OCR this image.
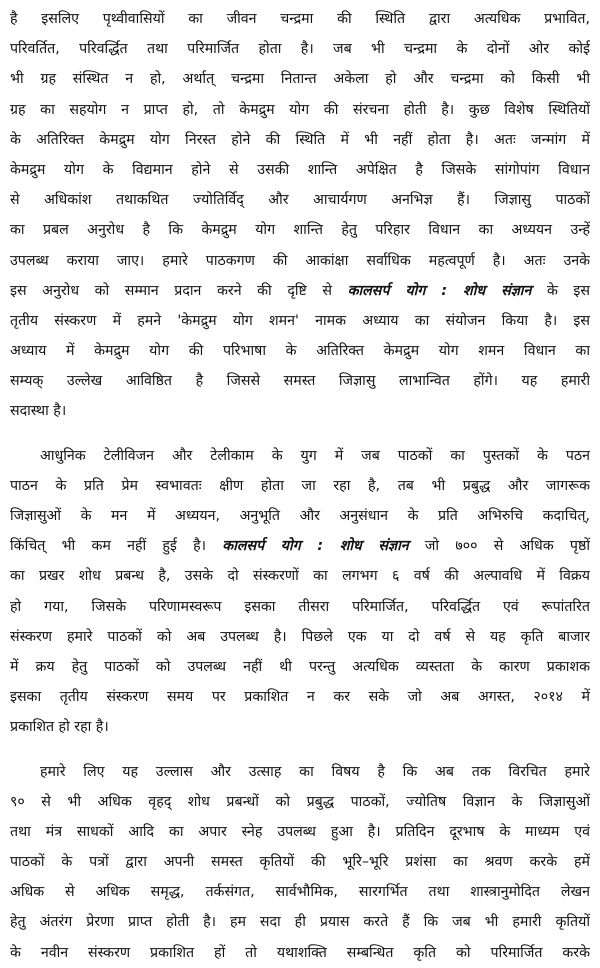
है इसलिए पृथ्वीवासियों का जीवन चन्द्रमा की स्थिति द्वारा अत्यधिक प्रभावित,
परिवर्तित, परिवर्द्धित तथा परिमार्जित होता है। जब भी चन्द्रमा के दोनों ओर कोई
भी ग्रह संस्थित न हो, अर्थात् चन्द्रमा नितान्त अकेला हो और चन्द्रमा को किसी भी
ग्रह का सहयोग न प्राप्त हो, तो केमद्रुम योग की संरचना होती है। कुछ विशेष स्थितियों
के अतिरिक्त केमद्रुम योग निरस्त होने की स्थिति में भी नहीं होता है। अतः जन्मांग में
केमद्रुम योग के विद्यमान होने से उसकी शान्ति अपेक्षित है जिसके सांगोपांग विधान
से अधिकांश तथाकथित ज्योतिर्विद् और आचार्यगण अनभिज्ञ हैं। जिज्ञासु पाठकों
का प्रबल अनुरोध है कि केमद्रुम योग शान्ति हेतु परिहार विधान का अध्ययन उन्हें
उपलब्ध कराया जाए। हमारे पाठकगण की आकांक्षा सर्वाधिक महत्वपूर्ण है। अतः उनके
इस अनुरोध को सम्मान प्रदान करने की दृष्टि से कालसर्प योग : शोध संज्ञान के इस
तृतीय संस्करण में हमने 'केमद्रुम योग शमन' नामक अध्याय का संयोजन किया है। इस
अध्याय में केमद्रुम योग की परिभाषा के अतिरिक्त केमद्रुम योग शमन विधान का
सम्यक् उल्लेख आविष्ठित है जिससे समस्त जिज्ञासु लाभान्वित होंगे। यह हमारी
सदास्था है।
आधुनिक टेलीविजन और टेलीकाम के युग में जब पाठकों का पुस्तकों के पठन
पाठन के प्रति प्रेम स्वभावतः क्षीण होता जा रहा है, तब भी प्रबुद्ध और जागरूक
जिज्ञासुओं के मन में अध्ययन, अनुभूति और अनुसंधान के प्रति अभिरुचि कदाचित्,
किंचित् भी कम नहीं हुई है। कालसर्प योग : शोध संज्ञान जो ७०० से अधिक पृष्ठों
का प्रखर शोध प्रबन्ध है, उसके दो संस्करणों का लगभग ६ वर्ष की अल्पावधि में विक्रय
हो गया, जिसके परिणामस्वरूप इसका तीसरा परिमार्जित, परिवर्द्धित एवं रूपांतरित
संस्करण हमारे पाठकों को अब उपलब्ध है। पिछले एक या दो वर्ष से यह कृति बाजार
में क्रय हेतु पाठकों को उपलब्ध नहीं थी परन्तु अत्यधिक व्यस्तता के कारण प्रकाशक
इसका तृतीय संस्करण समय पर प्रकाशित न कर सके जो अब अगस्त, २०१४ में
प्रकाशित हो रहा है।
हमारे लिए यह उल्लास और उत्साह का विषय है कि अब तक विरचित हमारे
९० से भी अधिक वृहद् शोध प्रबन्धों को प्रबुद्ध पाठकों, ज्योतिष विज्ञान के जिज्ञासुओं
तथा मंत्र साधकों आदि का अपार स्नेह उपलब्ध हुआ है। प्रतिदिन दूरभाष के माध्यम एवं
पाठकों के पत्रों द्वारा अपनी समस्त कृतियों की भूरि–भूरि प्रशंसा का श्रवण करके हमें
अधिक से अधिक समृद्ध, तर्कसंगत, सार्वभौमिक, सारगर्भित तथा शास्त्रानुमोदित लेखन
हेतु अंतरंग प्रेरणा प्राप्त होती है। हम सदा ही प्रयास करते हैं कि जब भी हमारी कृतियों
के नवीन संस्करण प्रकाशित हों तो यथाशक्ति सम्बन्धित कृति को परिमार्जित करके
